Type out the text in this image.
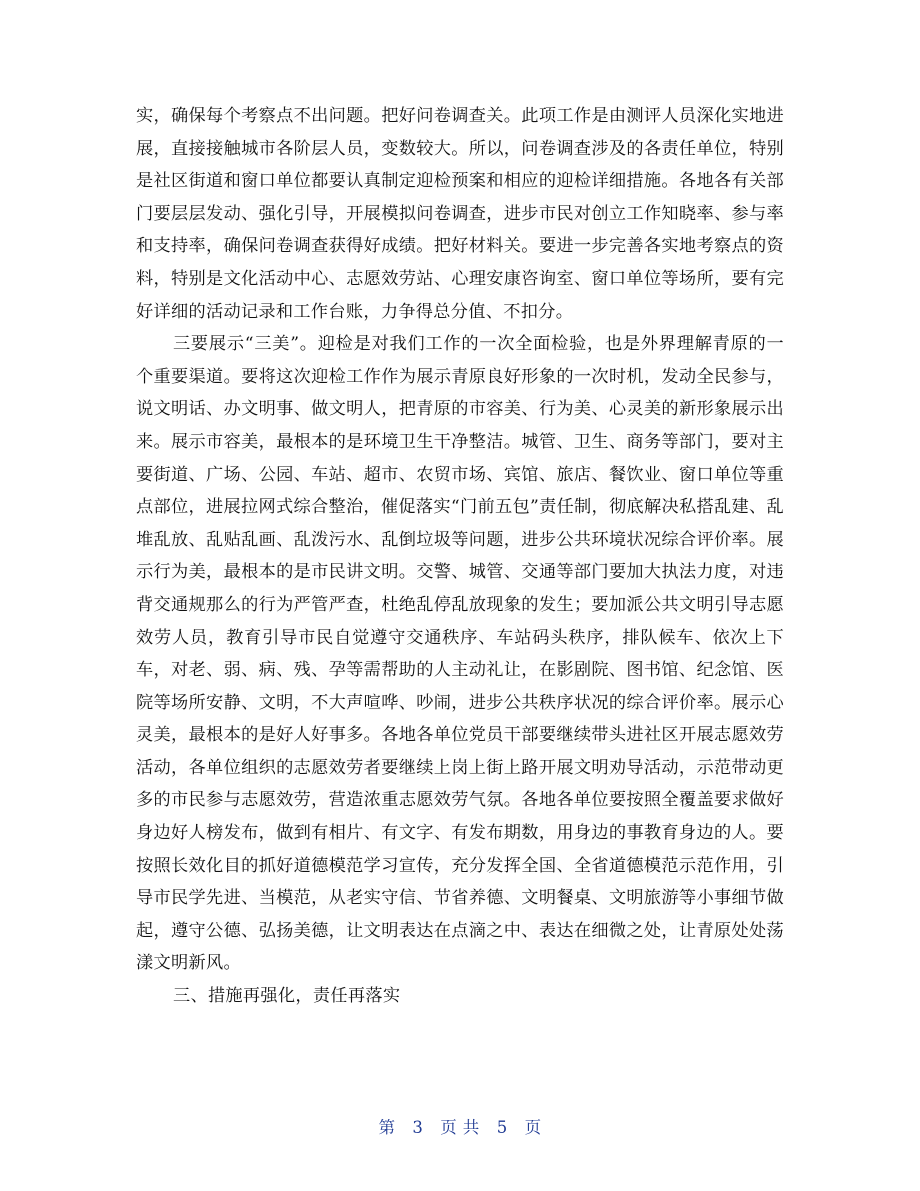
实，确保每个考察点不出问题。把好问卷调查关。此项工作是由测评人员深化实地进展，直接接触城市各阶层人员，变数较大。所以，问卷调查涉及的各责任单位，特别是社区街道和窗口单位都要认真制定迎检预案和相应的迎检详细措施。各地各有关部门要层层发动、强化引导，开展模拟问卷调查，进步市民对创立工作知晓率、参与率和支持率，确保问卷调查获得好成绩。把好材料关。要进一步完善各实地考察点的资料，特别是文化活动中心、志愿效劳站、心理安康咨询室、窗口单位等场所，要有完好详细的活动记录和工作台账，力争得总分值、不扣分。

三要展示“三美”。迎检是对我们工作的一次全面检验，也是外界理解青原的一个重要渠道。要将这次迎检工作作为展示青原良好形象的一次时机，发动全民参与，说文明话、办文明事、做文明人，把青原的市容美、行为美、心灵美的新形象展示出来。展示市容美，最根本的是环境卫生干净整洁。城管、卫生、商务等部门，要对主要街道、广场、公园、车站、超市、农贸市场、宾馆、旅店、餐饮业、窗口单位等重点部位，进展拉网式综合整治，催促落实“门前五包”责任制，彻底解决私搭乱建、乱堆乱放、乱贴乱画、乱泼污水、乱倒垃圾等问题，进步公共环境状况综合评价率。展示行为美，最根本的是市民讲文明。交警、城管、交通等部门要加大执法力度，对违背交通规那么的行为严管严查，杜绝乱停乱放现象的发生；要加派公共文明引导志愿效劳人员，教育引导市民自觉遵守交通秩序、车站码头秩序，排队候车、依次上下车，对老、弱、病、残、孕等需帮助的人主动礼让，在影剧院、图书馆、纪念馆、医院等场所安静、文明，不大声喧哗、吵闹，进步公共秩序状况的综合评价率。展示心灵美，最根本的是好人好事多。各地各单位党员干部要继续带头进社区开展志愿效劳活动，各单位组织的志愿效劳者要继续上岗上街上路开展文明劝导活动，示范带动更多的市民参与志愿效劳，营造浓重志愿效劳气氛。各地各单位要按照全覆盖要求做好身边好人榜发布，做到有相片、有文字、有发布期数，用身边的事教育身边的人。要按照长效化目的抓好道德模范学习宣传，充分发挥全国、全省道德模范示范作用，引导市民学先进、当模范，从老实守信、节省养德、文明餐桌、文明旅游等小事细节做起，遵守公德、弘扬美德，让文明表达在点滴之中、表达在细微之处，让青原处处荡漾文明新风。

三、措施再强化，责任再落实

第 3 页 共 5 页
